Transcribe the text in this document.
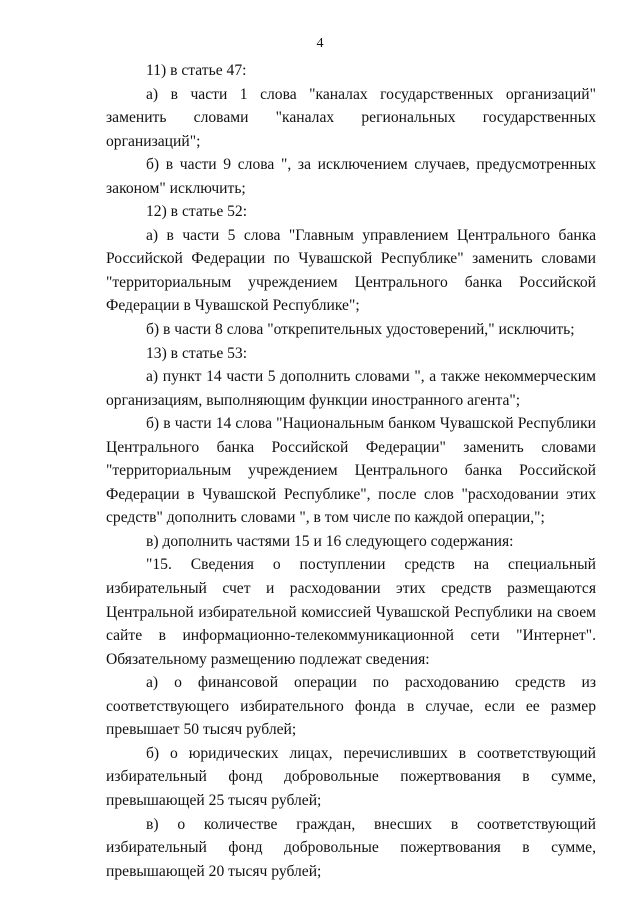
4

11) в статье 47:

а) в части 1 слова "каналах государственных организаций" заменить словами "каналах региональных государственных организаций";

б) в части 9 слова ", за исключением случаев, предусмотренных законом" исключить;

12) в статье 52:

а) в части 5 слова "Главным управлением Центрального банка Российской Федерации по Чувашской Республике" заменить словами "территориальным учреждением Центрального банка Российской Федерации в Чувашской Республике";

б) в части 8 слова "открепительных удостоверений," исключить;

13) в статье 53:

а) пункт 14 части 5 дополнить словами ", а также некоммерческим организациям, выполняющим функции иностранного агента";

б) в части 14 слова "Национальным банком Чувашской Республики Центрального банка Российской Федерации" заменить словами "территориальным учреждением Центрального банка Российской Федерации в Чувашской Республике", после слов "расходовании этих средств" дополнить словами ", в том числе по каждой операции,";

в) дополнить частями 15 и 16 следующего содержания:

"15. Сведения о поступлении средств на специальный избирательный счет и расходовании этих средств размещаются Центральной избирательной комиссией Чувашской Республики на своем сайте в информационно-телекоммуникационной сети "Интернет". Обязательному размещению подлежат сведения:

а) о финансовой операции по расходованию средств из соответствующего избирательного фонда в случае, если ее размер превышает 50 тысяч рублей;

б) о юридических лицах, перечисливших в соответствующий избирательный фонд добровольные пожертвования в сумме, превышающей 25 тысяч рублей;

в) о количестве граждан, внесших в соответствующий избирательный фонд добровольные пожертвования в сумме, превышающей 20 тысяч рублей;
